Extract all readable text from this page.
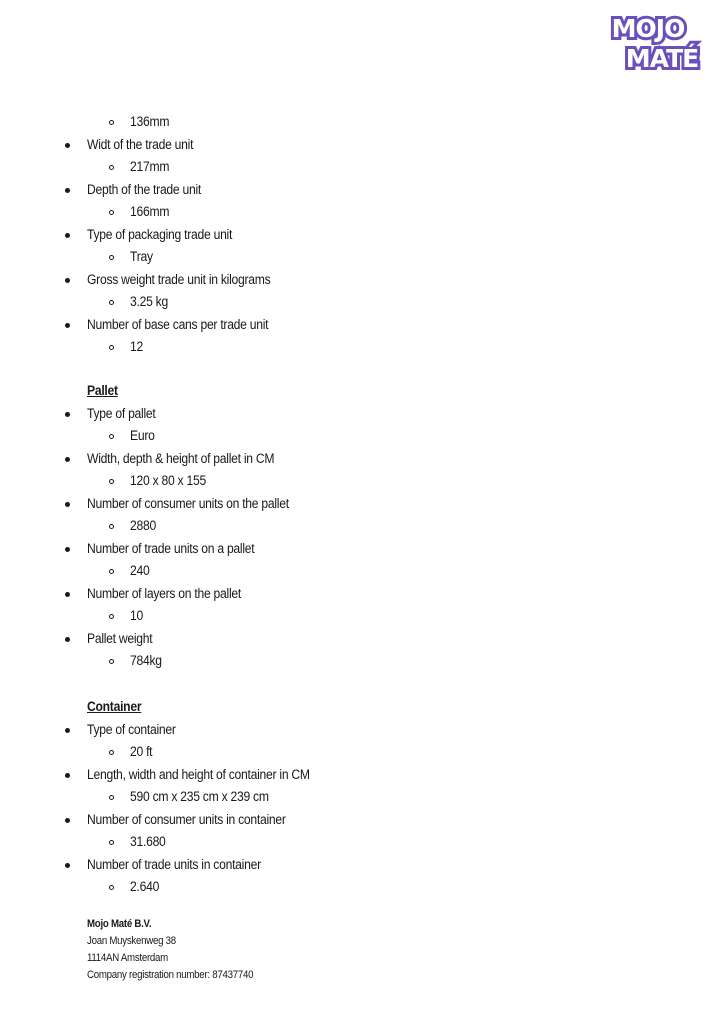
MOJO
MATÉ
136mm
Widt of the trade unit
217mm
Depth of the trade unit
166mm
Type of packaging trade unit
Tray
Gross weight trade unit in kilograms
3.25 kg
Number of base cans per trade unit
12
Pallet
Type of pallet
Euro
Width, depth & height of pallet in CM
120 x 80 x 155
Number of consumer units on the pallet
2880
Number of trade units on a pallet
240
Number of layers on the pallet
10
Pallet weight
784kg
Container
Type of container
20 ft
Length, width and height of container in CM
590 cm x 235 cm x 239 cm
Number of consumer units in container
31.680
Number of trade units in container
2.640
Mojo Maté B.V.
Joan Muyskenweg 38
1114AN Amsterdam
Company registration number: 87437740
